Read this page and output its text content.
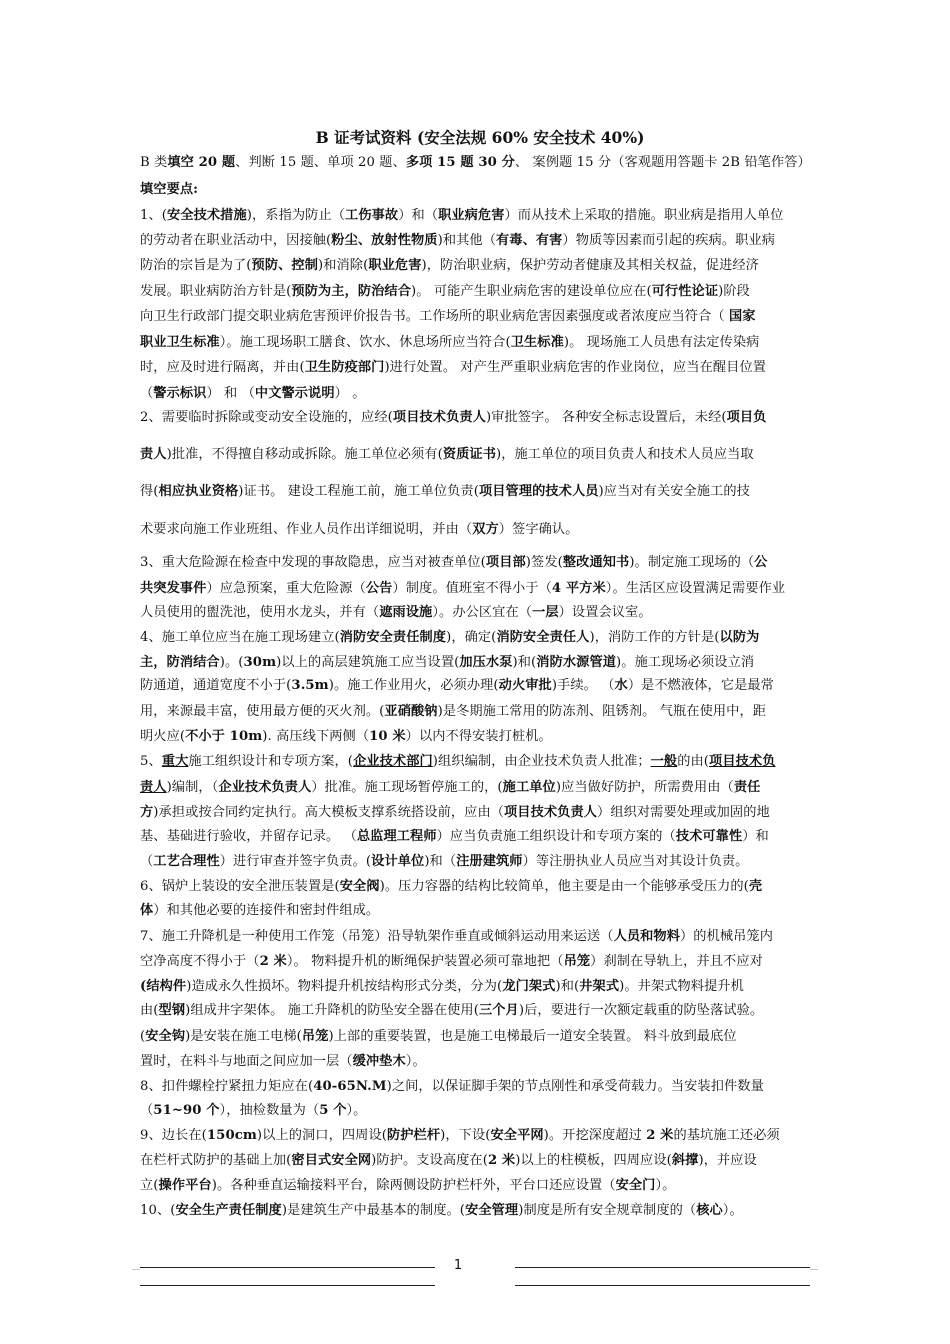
B 证考试资料 (安全法规 60% 安全技术 40%)
B 类填空 20 题、判断 15 题、单项 20 题、多项 15 题 30 分、 案例题 15 分（客观题用答题卡 2B 铅笔作答）
填空要点:
1、(安全技术措施)，系指为防止（工伤事故）和（职业病危害）而从技术上采取的措施。职业病是指用人单位
的劳动者在职业活动中，因接触(粉尘、放射性物质)和其他（有毒、有害）物质等因素而引起的疾病。职业病
防治的宗旨是为了(预防、控制)和消除(职业危害)，防治职业病，保护劳动者健康及其相关权益，促进经济
发展。职业病防治方针是(预防为主，防治结合)。 可能产生职业病危害的建设单位应在(可行性论证)阶段
向卫生行政部门提交职业病危害预评价报告书。工作场所的职业病危害因素强度或者浓度应当符合（ 国家
职业卫生标准）。施工现场职工膳食、饮水、休息场所应当符合(卫生标准)。 现场施工人员患有法定传染病
时，应及时进行隔离，并由(卫生防疫部门)进行处置。 对产生严重职业病危害的作业岗位，应当在醒目位置
（警示标识） 和 （中文警示说明） 。
2、需要临时拆除或变动安全设施的，应经(项目技术负责人)审批签字。 各种安全标志设置后，未经(项目负
责人)批准，不得擅自移动或拆除。施工单位必须有(资质证书)，施工单位的项目负责人和技术人员应当取
得(相应执业资格)证书。 建设工程施工前，施工单位负责(项目管理的技术人员)应当对有关安全施工的技
术要求向施工作业班组、作业人员作出详细说明，并由（双方）签字确认。
3、重大危险源在检查中发现的事故隐患，应当对被查单位(项目部)签发(整改通知书)。制定施工现场的（公
共突发事件）应急预案，重大危险源（公告）制度。值班室不得小于（4 平方米）。生活区应设置满足需要作业
人员使用的盥洗池，使用水龙头，并有（遮雨设施）。办公区宜在（一层）设置会议室。
4、施工单位应当在施工现场建立(消防安全责任制度)，确定(消防安全责任人)，消防工作的方针是(以防为
主，防消结合)。(30m)以上的高层建筑施工应当设置(加压水泵)和(消防水源管道)。施工现场必须设立消
防通道，通道宽度不小于(3.5m)。施工作业用火，必须办理(动火审批)手续。 （水）是不燃液体，它是最常
用，来源最丰富，使用最方便的灭火剂。(亚硝酸钠)是冬期施工常用的防冻剂、阻锈剂。 气瓶在使用中，距
明火应(不小于 10m). 高压线下两侧（10 米）以内不得安装打桩机。
5、重大施工组织设计和专项方案，(企业技术部门)组织编制，由企业技术负责人批准；一般的由(项目技术负
责人)编制，（企业技术负责人）批准。施工现场暂停施工的，(施工单位)应当做好防护，所需费用由（责任
方)承担或按合同约定执行。高大模板支撑系统搭设前，应由（项目技术负责人）组织对需要处理或加固的地
基、基础进行验收，并留存记录。 （总监理工程师）应当负责施工组织设计和专项方案的（技术可靠性）和
（工艺合理性）进行审查并签字负责。(设计单位)和（注册建筑师）等注册执业人员应当对其设计负责。
6、锅炉上装设的安全泄压装置是(安全阀)。压力容器的结构比较简单，他主要是由一个能够承受压力的(壳
体）和其他必要的连接件和密封件组成。
7、施工升降机是一种使用工作笼（吊笼）沿导轨架作垂直或倾斜运动用来运送（人员和物料）的机械吊笼内
空净高度不得小于（2 米）。 物料提升机的断绳保护装置必须可靠地把（吊笼）刹制在导轨上，并且不应对
(结构件)造成永久性损坏。物料提升机按结构形式分类，分为(龙门架式)和(井架式)。井架式物料提升机
由(型钢)组成井字架体。 施工升降机的防坠安全器在使用(三个月)后，要进行一次额定载重的防坠落试验。
(安全钩)是安装在施工电梯(吊笼)上部的重要装置，也是施工电梯最后一道安全装置。 料斗放到最底位
置时，在料斗与地面之间应加一层（缓冲垫木）。
8、扣件螺栓拧紧扭力矩应在(40-65N.M)之间，以保证脚手架的节点刚性和承受荷载力。当安装扣件数量
（51~90 个），抽检数量为（5 个）。
9、边长在(150cm)以上的洞口，四周设(防护栏杆)，下设(安全平网)。开挖深度超过 2 米的基坑施工还必须
在栏杆式防护的基础上加(密目式安全网)防护。支设高度在(2 米)以上的柱模板，四周应设(斜撑)，并应设
立(操作平台)。各种垂直运输接料平台，除两侧设防护栏杆外，平台口还应设置（安全门）。
10、(安全生产责任制度)是建筑生产中最基本的制度。(安全管理)制度是所有安全规章制度的（核心）。
1
